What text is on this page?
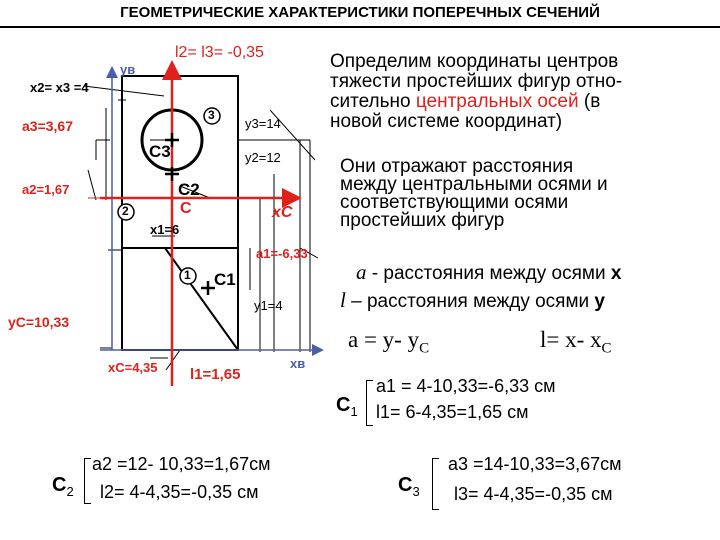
ГЕОМЕТРИЧЕСКИЕ ХАРАКТЕРИСТИКИ ПОПЕРЕЧНЫХ СЕЧЕНИЙ
3
2
1
l2= l3= -0,35
x2= x3 =4
yв
a3=3,67
a2=1,67
y3=14
y2=12
C3
C2
C	xC
x1=6
a1=-6,33
C1
y1=4
yC=10,33
xC=4,35 l1=1,65
xв
Определим координаты центров
тяжести простейших фигур отно-
сительно центральных осей (в
новой системе координат)
Они отражают расстояния
между центральными осями и
соответствующими осями
простейших фигур
a - расстояния между осями x
l – расстояния между осями y
a = y- $y_C$	l= x- $x_C$
$C_1$
a1 = 4-10,33=-6,33 см
l1= 6-4,35=1,65 см
$C_2$
a2 =12- 10,33=1,67см
l2= 4-4,35=-0,35 см	$C_3$
a3 =14-10,33=3,67см
l3= 4-4,35=-0,35 см
